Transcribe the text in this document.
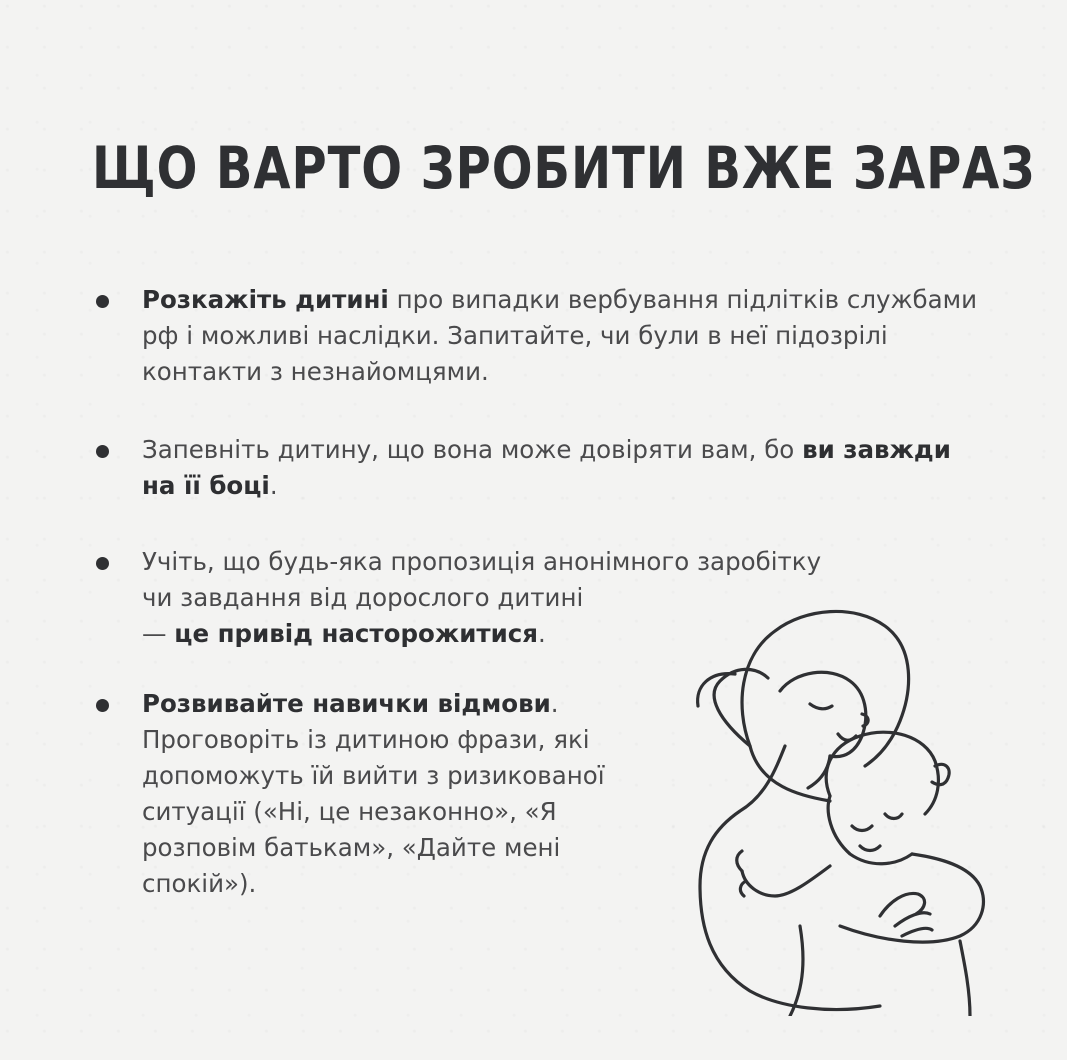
ЩО ВАРТО ЗРОБИТИ ВЖЕ ЗАРАЗ
Розкажіть дитині про випадки вербування підлітків службами рф і можливі наслідки. Запитайте, чи були в неї підозрілі контакти з незнайомцями.
Запевніть дитину, що вона може довіряти вам, бо ви завжди на її боці.
Учіть, що будь-яка пропозиція анонімного заробітку
чи завдання від дорослого дитині
— це привід насторожитися.
Розвивайте навички відмови.
Проговоріть із дитиною фрази, які допоможуть їй вийти з ризикованої ситуації («Ні, це незаконно», «Я розповім батькам», «Дайте мені спокій»).
